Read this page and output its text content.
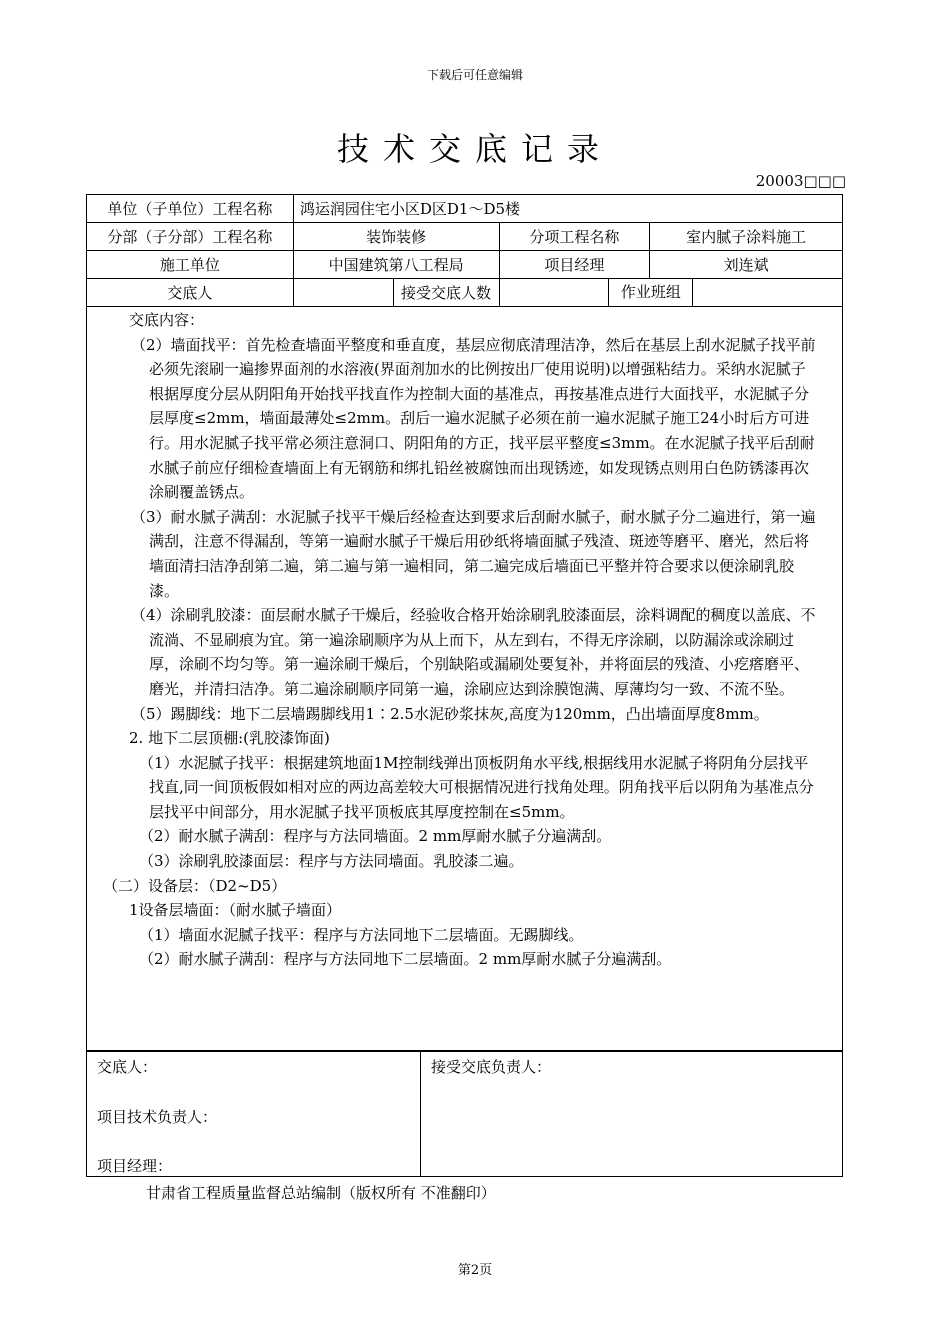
下载后可任意编辑
技术交底记录
20003□□□
单位（子单位）工程名称	鸿运润园住宅小区D区D1～D5楼				
分部（子分部）工程名称	装饰装修		分项工程名称		室内腻子涂料施工
施工单位	中国建筑第八工程局		项目经理		刘连斌
交底人		接受交底人数		作业班组	

交底内容：

（2）墙面找平：首先检查墙面平整度和垂直度，基层应彻底清理洁净，然后在基层上刮水泥腻子找平前必须先滚刷一遍掺界面剂的水溶液(界面剂加水的比例按出厂使用说明)以增强粘结力。采纳水泥腻子根据厚度分层从阴阳角开始找平找直作为控制大面的基准点，再按基准点进行大面找平，水泥腻子分层厚度≤2mm，墙面最薄处≤2mm。刮后一遍水泥腻子必须在前一遍水泥腻子施工24小时后方可进行。用水泥腻子找平常必须注意洞口、阴阳角的方正，找平层平整度≤3mm。在水泥腻子找平后刮耐水腻子前应仔细检查墙面上有无钢筋和绑扎铅丝被腐蚀而出现锈迹，如发现锈点则用白色防锈漆再次涂刷覆盖锈点。

（3）耐水腻子满刮：水泥腻子找平干燥后经检查达到要求后刮耐水腻子，耐水腻子分二遍进行，第一遍满刮，注意不得漏刮，等第一遍耐水腻子干燥后用砂纸将墙面腻子残渣、斑迹等磨平、磨光，然后将墙面清扫洁净刮第二遍，第二遍与第一遍相同，第二遍完成后墙面已平整并符合要求以便涂刷乳胶漆。

（4）涂刷乳胶漆：面层耐水腻子干燥后，经验收合格开始涂刷乳胶漆面层，涂料调配的稠度以盖底、不流淌、不显刷痕为宜。第一遍涂刷顺序为从上而下，从左到右，不得无序涂刷，以防漏涂或涂刷过厚，涂刷不均匀等。第一遍涂刷干燥后，个别缺陷或漏刷处要复补，并将面层的残渣、小疙瘩磨平、磨光，并清扫洁净。第二遍涂刷顺序同第一遍，涂刷应达到涂膜饱满、厚薄均匀一致、不流不坠。

（5）踢脚线：地下二层墙踢脚线用1∶2.5水泥砂浆抹灰,高度为120mm，凸出墙面厚度8mm。

2. 地下二层顶棚:(乳胶漆饰面)

（1）水泥腻子找平：根据建筑地面1M控制线弹出顶板阴角水平线,根据线用水泥腻子将阴角分层找平找直,同一间顶板假如相对应的两边高差较大可根据情况进行找角处理。阴角找平后以阴角为基准点分层找平中间部分，用水泥腻子找平顶板底其厚度控制在≤5mm。

（2）耐水腻子满刮：程序与方法同墙面。2 mm厚耐水腻子分遍满刮。

（3）涂刷乳胶漆面层：程序与方法同墙面。乳胶漆二遍。

（二）设备层：（D2~D5）

1设备层墙面：（耐水腻子墙面）

（1）墙面水泥腻子找平：程序与方法同地下二层墙面。无踢脚线。

（2）耐水腻子满刮：程序与方法同地下二层墙面。2 mm厚耐水腻子分遍满刮。

交底人：
项目技术负责人：
项目经理：
接受交底负责人：
甘肃省工程质量监督总站编制（版权所有 不准翻印）
第2页
